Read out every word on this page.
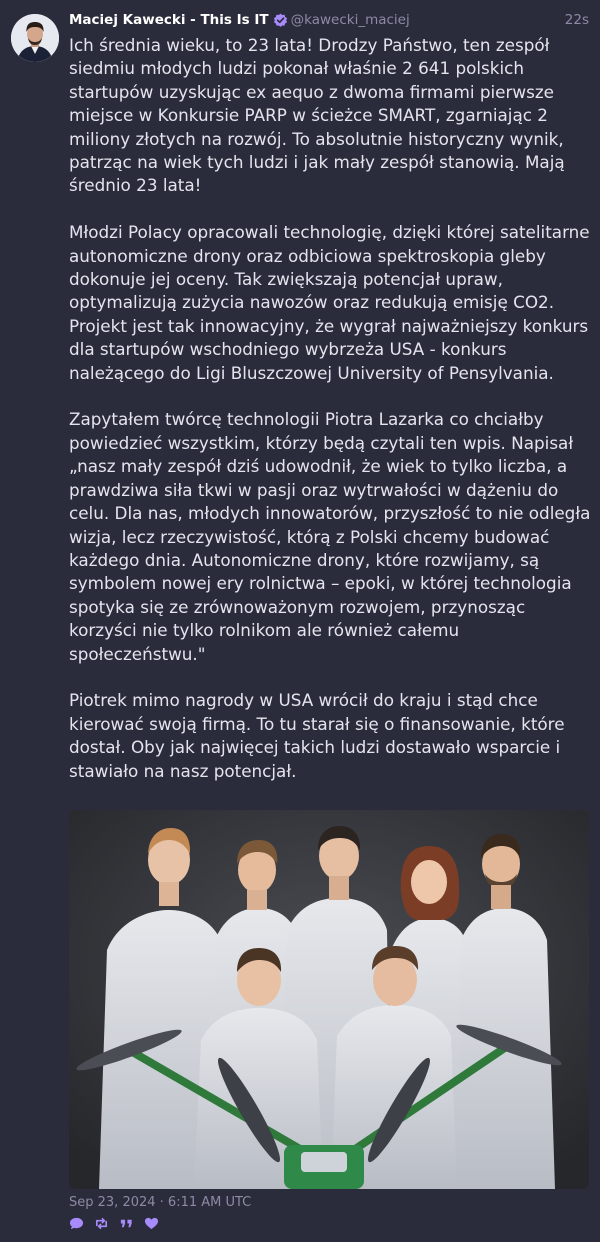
Maciej Kawecki - This Is IT @kawecki_maciej	22s

Ich średnia wieku, to 23 lata! Drodzy Państwo, ten zespół siedmiu młodych ludzi pokonał właśnie 2 641 polskich startupów uzyskując ex aequo z dwoma firmami pierwsze miejsce w Konkursie PARP w ścieżce SMART, zgarniając 2 miliony złotych na rozwój. To absolutnie historyczny wynik, patrząc na wiek tych ludzi i jak mały zespół stanowią. Mają średnio 23 lata!

Młodzi Polacy opracowali technologię, dzięki której satelitarne autonomiczne drony oraz odbiciowa spektroskopia gleby dokonuje jej oceny. Tak zwiększają potencjał upraw, optymalizują zużycia nawozów oraz redukują emisję CO2. Projekt jest tak innowacyjny, że wygrał najważniejszy konkurs dla startupów wschodniego wybrzeża USA - konkurs należącego do Ligi Bluszczowej University of Pensylvania.

Zapytałem twórcę technologii Piotra Lazarka co chciałby powiedzieć wszystkim, którzy będą czytali ten wpis. Napisał „nasz mały zespół dziś udowodnił, że wiek to tylko liczba, a prawdziwa siła tkwi w pasji oraz wytrwałości w dążeniu do celu. Dla nas, młodych innowatorów, przyszłość to nie odległa wizja, lecz rzeczywistość, którą z Polski chcemy budować każdego dnia. Autonomiczne drony, które rozwijamy, są symbolem nowej ery rolnictwa – epoki, w której technologia spotyka się ze zrównoważonym rozwojem, przynosząc korzyści nie tylko rolnikom ale również całemu społeczeństwu."

Piotrek mimo nagrody w USA wrócił do kraju i stąd chce kierować swoją firmą. To tu starał się o finansowanie, które dostał. Oby jak najwięcej takich ludzi dostawało wsparcie i stawiało na nasz potencjał.

Sep 23, 2024 · 6:11 AM UTC
